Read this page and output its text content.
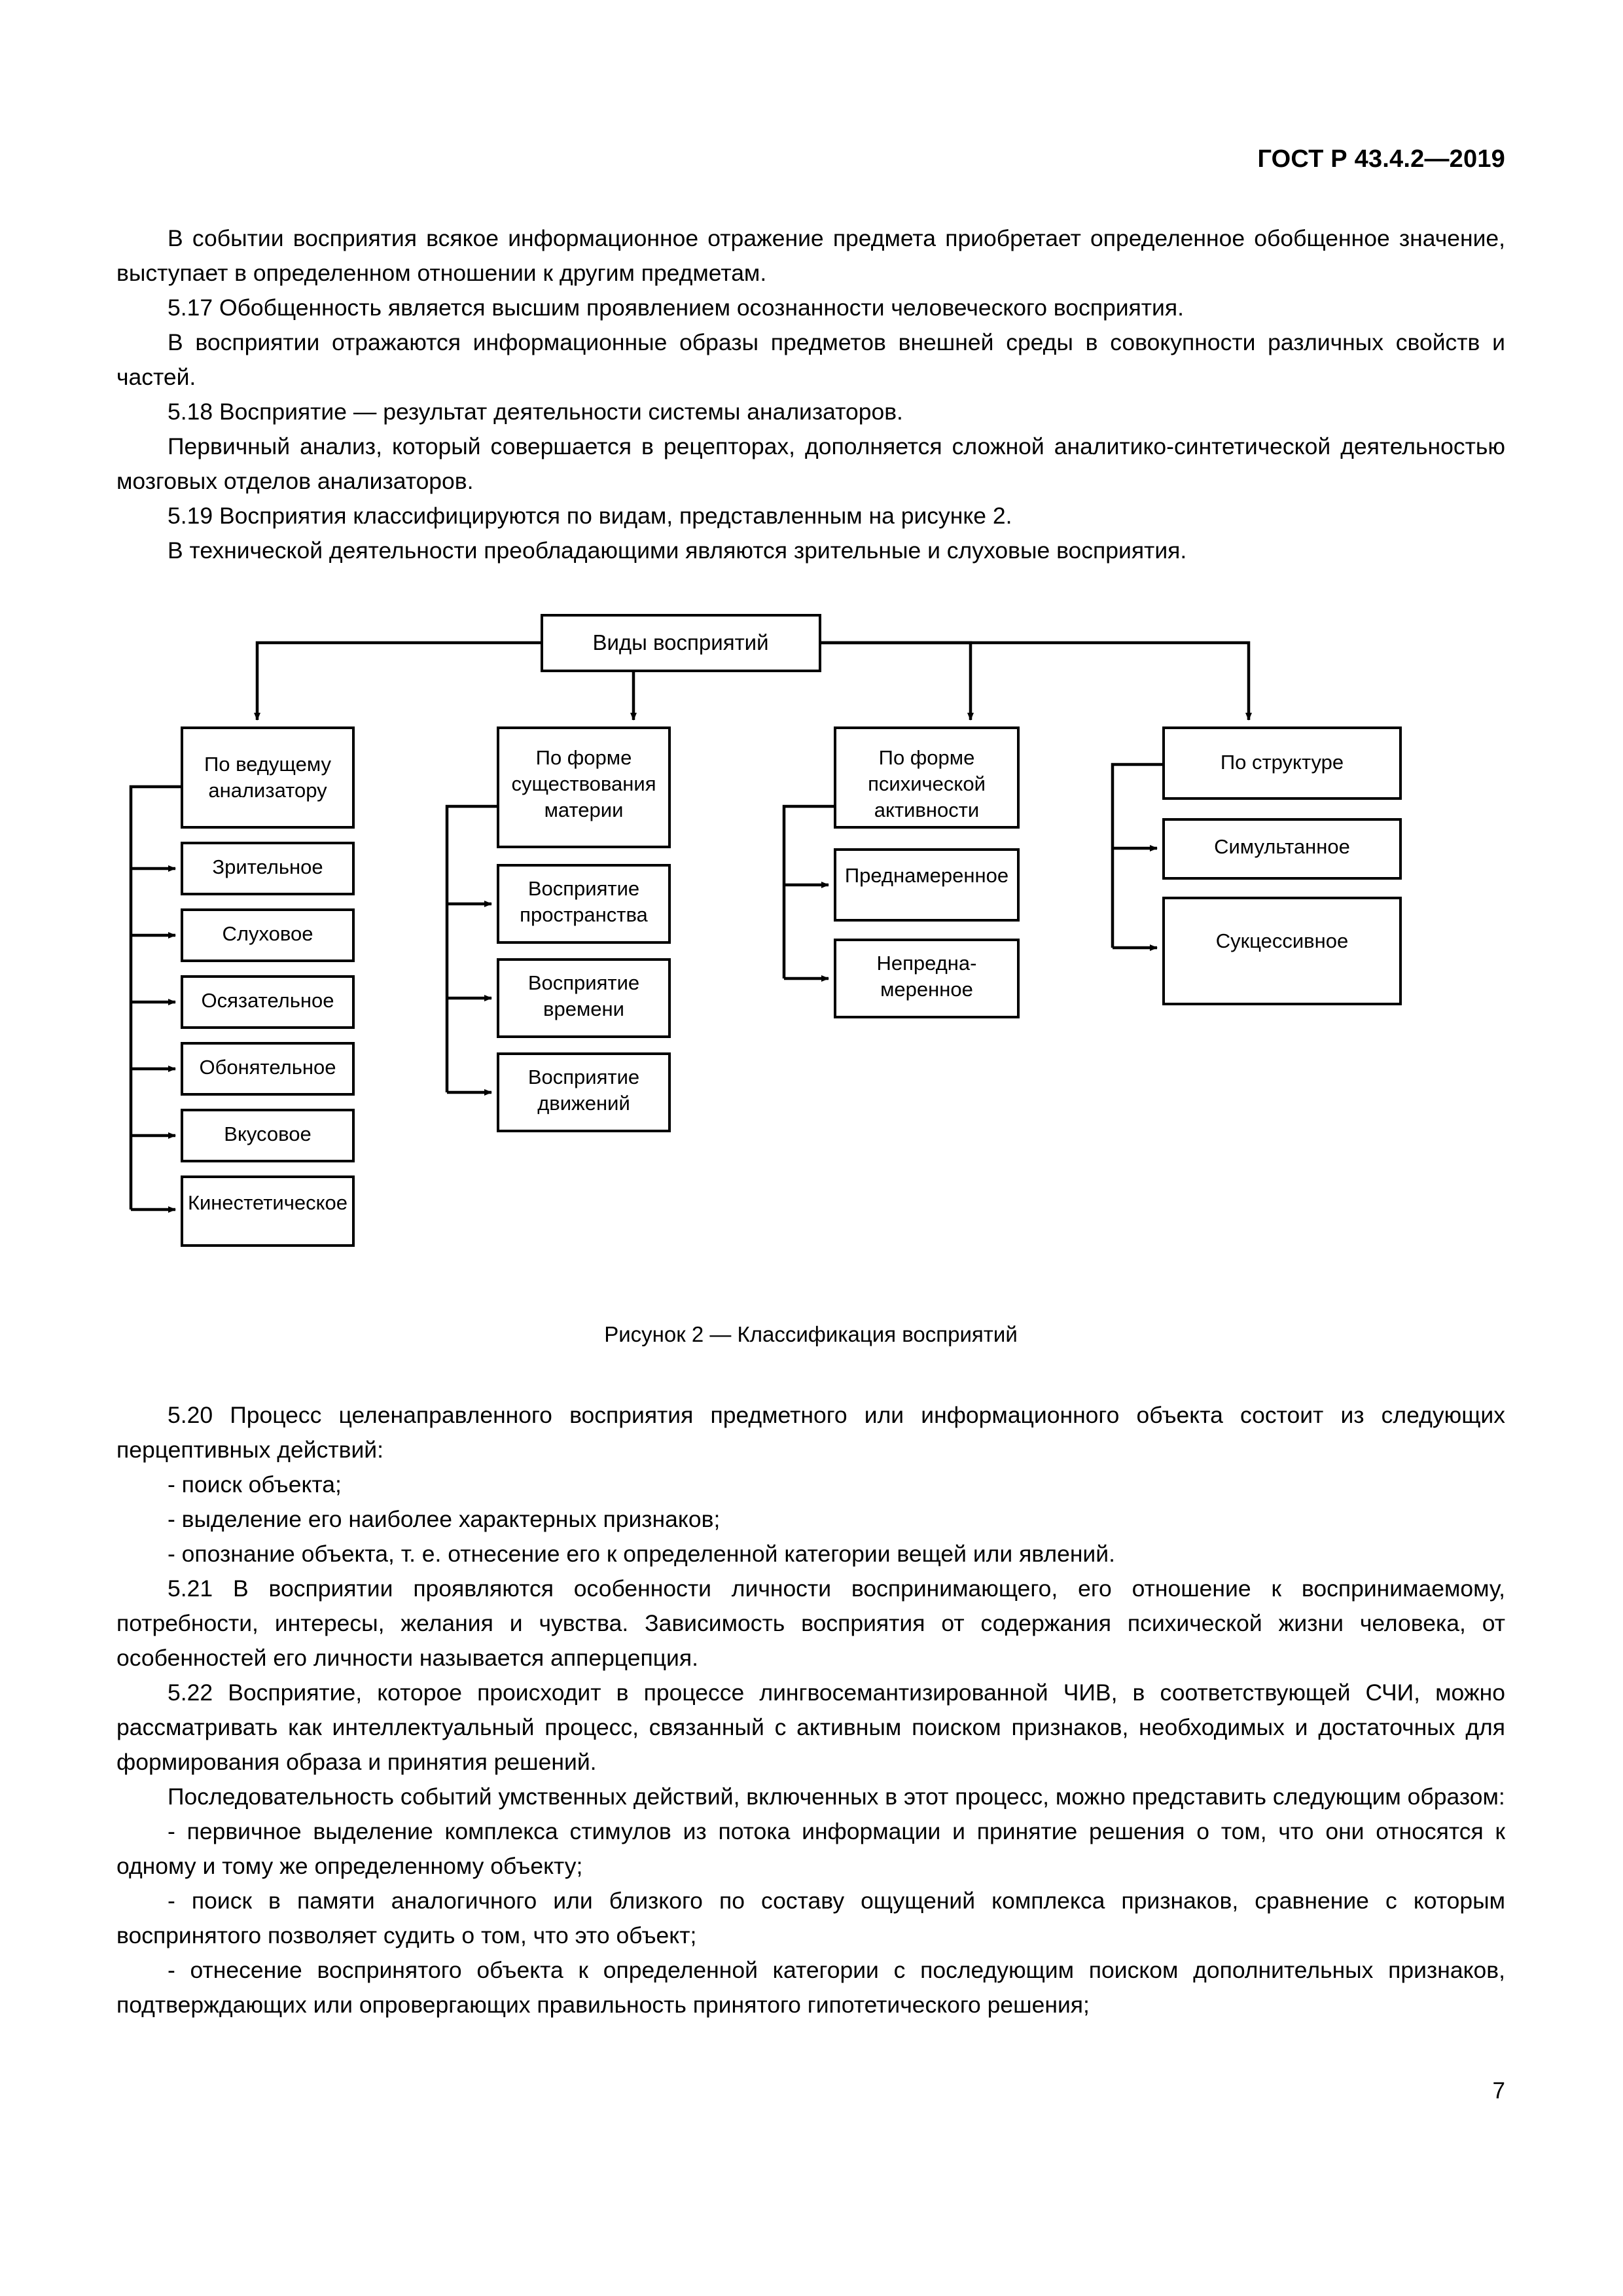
ГОСТ Р 43.4.2—2019

В событии восприятия всякое информационное отражение предмета приобретает определенное обобщенное значение, выступает в определенном отношении к другим предметам.

5.17 Обобщенность является высшим проявлением осознанности человеческого восприятия.

В восприятии отражаются информационные образы предметов внешней среды в совокупности различных свойств и частей.

5.18 Восприятие — результат деятельности системы анализаторов.

Первичный анализ, который совершается в рецепторах, дополняется сложной аналитико-синтетической деятельностью мозговых отделов анализаторов.

5.19 Восприятия классифицируются по видам, представленным на рисунке 2.

В технической деятельности преобладающими являются зрительные и слуховые восприятия.

Виды восприятий
По ведущему
анализатору
Зрительное
Слуховое
Осязательное
Обонятельное
Вкусовое
Кинестетическое
По форме
существования
материи
Восприятие
пространства
Восприятие
времени
Восприятие
движений
По форме
психической
активности
Преднамеренное
Непредна-
меренное
По структуре
Симультанное
Сукцессивное
Рисунок 2 — Классификация восприятий

5.20 Процесс целенаправленного восприятия предметного или информационного объекта состоит из следующих перцептивных действий:

- поиск объекта;

- выделение его наиболее характерных признаков;

- опознание объекта, т. е. отнесение его к определенной категории вещей или явлений.

5.21 В восприятии проявляются особенности личности воспринимающего, его отношение к воспринимаемому, потребности, интересы, желания и чувства. Зависимость восприятия от содержания психической жизни человека, от особенностей его личности называется апперцепция.

5.22 Восприятие, которое происходит в процессе лингвосемантизированной ЧИВ, в соответствующей СЧИ, можно рассматривать как интеллектуальный процесс, связанный с активным поиском признаков, необходимых и достаточных для формирования образа и принятия решений.

Последовательность событий умственных действий, включенных в этот процесс, можно представить следующим образом:

- первичное выделение комплекса стимулов из потока информации и принятие решения о том, что они относятся к одному и тому же определенному объекту;

- поиск в памяти аналогичного или близкого по составу ощущений комплекса признаков, сравнение с которым воспринятого позволяет судить о том, что это объект;

- отнесение воспринятого объекта к определенной категории с последующим поиском дополнительных признаков, подтверждающих или опровергающих правильность принятого гипотетического решения;

7
